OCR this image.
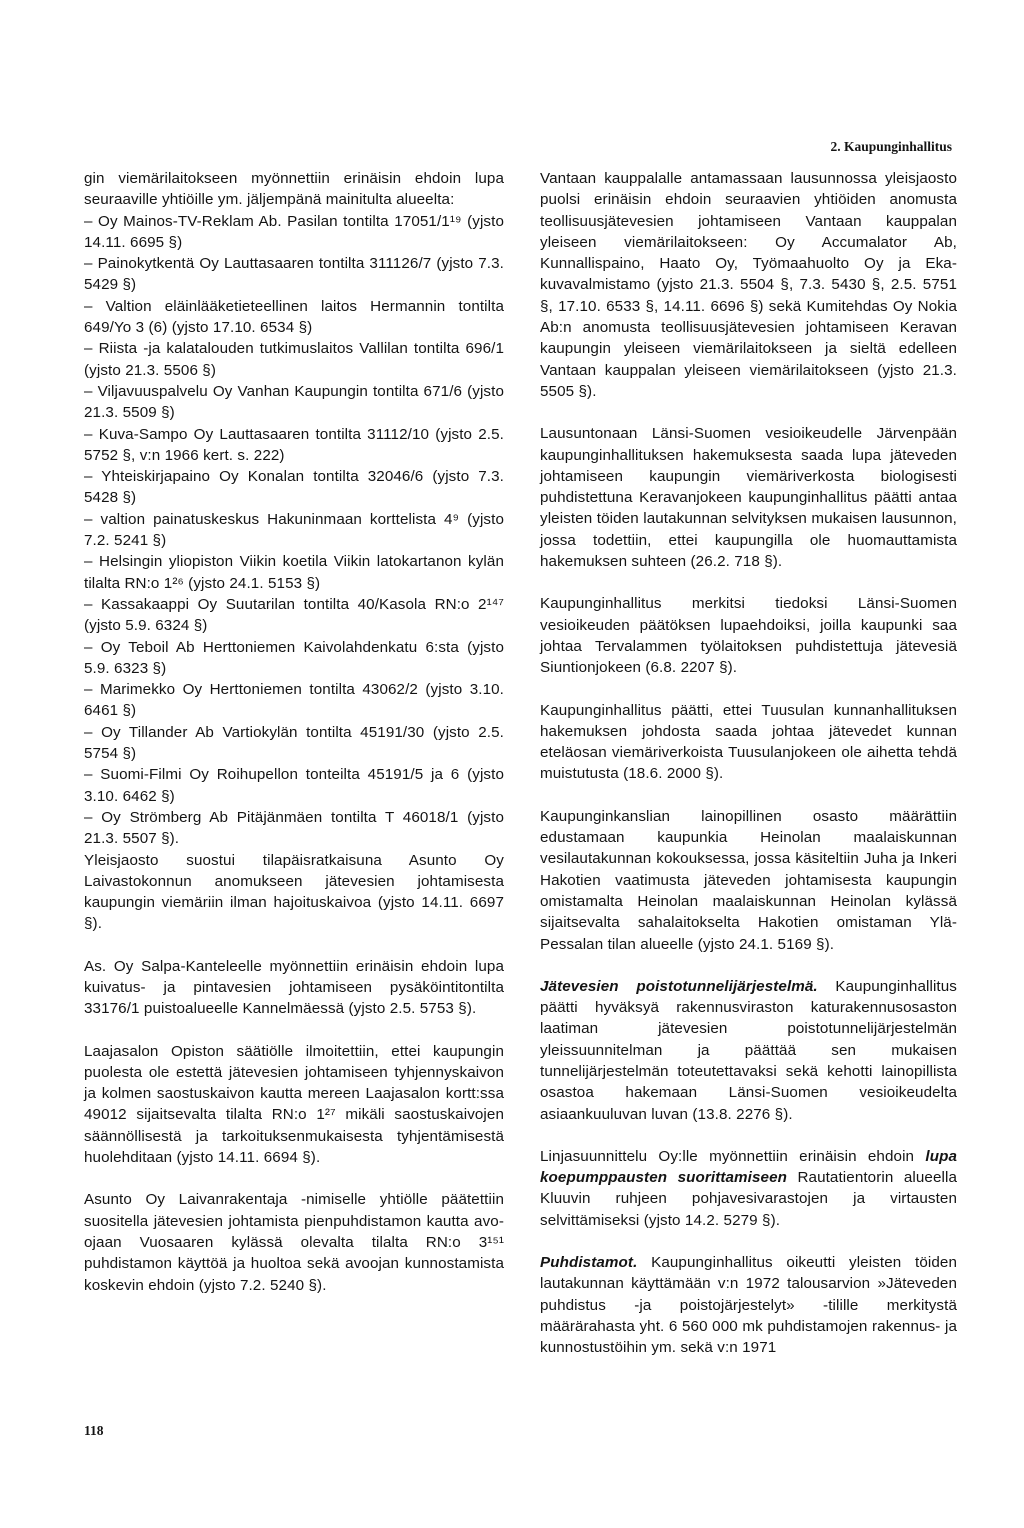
2. Kaupunginhallitus

gin viemärilaitokseen myönnettiin erinäisin ehdoin lupa seuraaville yhtiöille ym. jäljempänä mainitulta alueelta:

– Oy Mainos-TV-Reklam Ab. Pasilan tontilta 17051/1¹⁹ (yjsto 14.11. 6695 §)
– Painokytkentä Oy Lauttasaaren tontilta 311126/7 (yjsto 7.3. 5429 §)
– Valtion eläinlääketieteellinen laitos Hermannin tontilta 649/Yo 3 (6) (yjsto 17.10. 6534 §)
– Riista -ja kalatalouden tutkimuslaitos Vallilan tontilta 696/1 (yjsto 21.3. 5506 §)
– Viljavuuspalvelu Oy Vanhan Kaupungin tontilta 671/6 (yjsto 21.3. 5509 §)
– Kuva-Sampo Oy Lauttasaaren tontilta 31112/10 (yjsto 2.5. 5752 §, v:n 1966 kert. s. 222)
– Yhteiskirjapaino Oy Konalan tontilta 32046/6 (yjsto 7.3. 5428 §)
– valtion painatuskeskus Hakuninmaan korttelista 4⁹ (yjsto 7.2. 5241 §)
– Helsingin yliopiston Viikin koetila Viikin latokartanon kylän tilalta RN:o 1²⁶ (yjsto 24.1. 5153 §)
– Kassakaappi Oy Suutarilan tontilta 40/Kasola RN:o 2¹⁴⁷ (yjsto 5.9. 6324 §)
– Oy Teboil Ab Herttoniemen Kaivolahdenkatu 6:sta (yjsto 5.9. 6323 §)
– Marimekko Oy Herttoniemen tontilta 43062/2 (yjsto 3.10. 6461 §)
– Oy Tillander Ab Vartiokylän tontilta 45191/30 (yjsto 2.5. 5754 §)
– Suomi-Filmi Oy Roihupellon tonteilta 45191/5 ja 6 (yjsto 3.10. 6462 §)
– Oy Strömberg Ab Pitäjänmäen tontilta T 46018/1 (yjsto 21.3. 5507 §).

Yleisjaosto suostui tilapäisratkaisuna Asunto Oy Laivastokonnun anomukseen jätevesien johtamisesta kaupungin viemäriin ilman hajoituskaivoa (yjsto 14.11. 6697 §).

As. Oy Salpa-Kanteleelle myönnettiin erinäisin ehdoin lupa kuivatus- ja pintavesien johtamiseen pysäköintitontilta 33176/1 puistoalueelle Kannelmäessä (yjsto 2.5. 5753 §).

Laajasalon Opiston säätiölle ilmoitettiin, ettei kaupungin puolesta ole estettä jätevesien johtamiseen tyhjennyskaivon ja kolmen saostuskaivon kautta mereen Laajasalon kortt:ssa 49012 sijaitsevalta tilalta RN:o 1²⁷ mikäli saostuskaivojen säännöllisestä ja tarkoituksenmukaisesta tyhjentämisestä huolehditaan (yjsto 14.11. 6694 §).

Asunto Oy Laivanrakentaja -nimiselle yhtiölle päätettiin suositella jätevesien johtamista pienpuhdistamon kautta avo-ojaan Vuosaaren kylässä olevalta tilalta RN:o 3¹⁵¹ puhdistamon käyttöä ja huoltoa sekä avoojan kunnostamista koskevin ehdoin (yjsto 7.2. 5240 §).

Vantaan kauppalalle antamassaan lausunnossa yleisjaosto puolsi erinäisin ehdoin seuraavien yhtiöiden anomusta teollisuusjätevesien johtamiseen Vantaan kauppalan yleiseen viemärilaitokseen: Oy Accumalator Ab, Kunnallispaino, Haato Oy, Työmaahuolto Oy ja Eka-kuvavalmistamo (yjsto 21.3. 5504 §, 7.3. 5430 §, 2.5. 5751 §, 17.10. 6533 §, 14.11. 6696 §) sekä Kumitehdas Oy Nokia Ab:n anomusta teollisuusjätevesien johtamiseen Keravan kaupungin yleiseen viemärilaitokseen ja sieltä edelleen Vantaan kauppalan yleiseen viemärilaitokseen (yjsto 21.3. 5505 §).

Lausuntonaan Länsi-Suomen vesioikeudelle Järvenpään kaupunginhallituksen hakemuksesta saada lupa jäteveden johtamiseen kaupungin viemäriverkosta biologisesti puhdistettuna Keravanjokeen kaupunginhallitus päätti antaa yleisten töiden lautakunnan selvityksen mukaisen lausunnon, jossa todettiin, ettei kaupungilla ole huomauttamista hakemuksen suhteen (26.2. 718 §).

Kaupunginhallitus merkitsi tiedoksi Länsi-Suomen vesioikeuden päätöksen lupaehdoiksi, joilla kaupunki saa johtaa Tervalammen työlaitoksen puhdistettuja jätevesiä Siuntionjokeen (6.8. 2207 §).

Kaupunginhallitus päätti, ettei Tuusulan kunnanhallituksen hakemuksen johdosta saada johtaa jätevedet kunnan eteläosan viemäriverkoista Tuusulanjokeen ole aihetta tehdä muistutusta (18.6. 2000 §).

Kaupunginkanslian lainopillinen osasto määrättiin edustamaan kaupunkia Heinolan maalaiskunnan vesilautakunnan kokouksessa, jossa käsiteltiin Juha ja Inkeri Hakotien vaatimusta jäteveden johtamisesta kaupungin omistamalta Heinolan maalaiskunnan Heinolan kylässä sijaitsevalta sahalaitokselta Hakotien omistaman Ylä-Pessalan tilan alueelle (yjsto 24.1. 5169 §).

Jätevesien poistotunnelijärjestelmä. Kaupunginhallitus päätti hyväksyä rakennusviraston katurakennusosaston laatiman jätevesien poistotunnelijärjestelmän yleissuunnitelman ja päättää sen mukaisen tunnelijärjestelmän toteutettavaksi sekä kehotti lainopillista osastoa hakemaan Länsi-Suomen vesioikeudelta asiaankuuluvan luvan (13.8. 2276 §).

Linjasuunnittelu Oy:lle myönnettiin erinäisin ehdoin lupa koepumppausten suorittamiseen Rautatientorin alueella Kluuvin ruhjeen pohjavesivarastojen ja virtausten selvittämiseksi (yjsto 14.2. 5279 §).

Puhdistamot. Kaupunginhallitus oikeutti yleisten töiden lautakunnan käyttämään v:n 1972 talousarvion »Jäteveden puhdistus -ja poistojärjestelyt» -tilille merkitystä määrärahasta yht. 6 560 000 mk puhdistamojen rakennus- ja kunnostustöihin ym. sekä v:n 1971

118
